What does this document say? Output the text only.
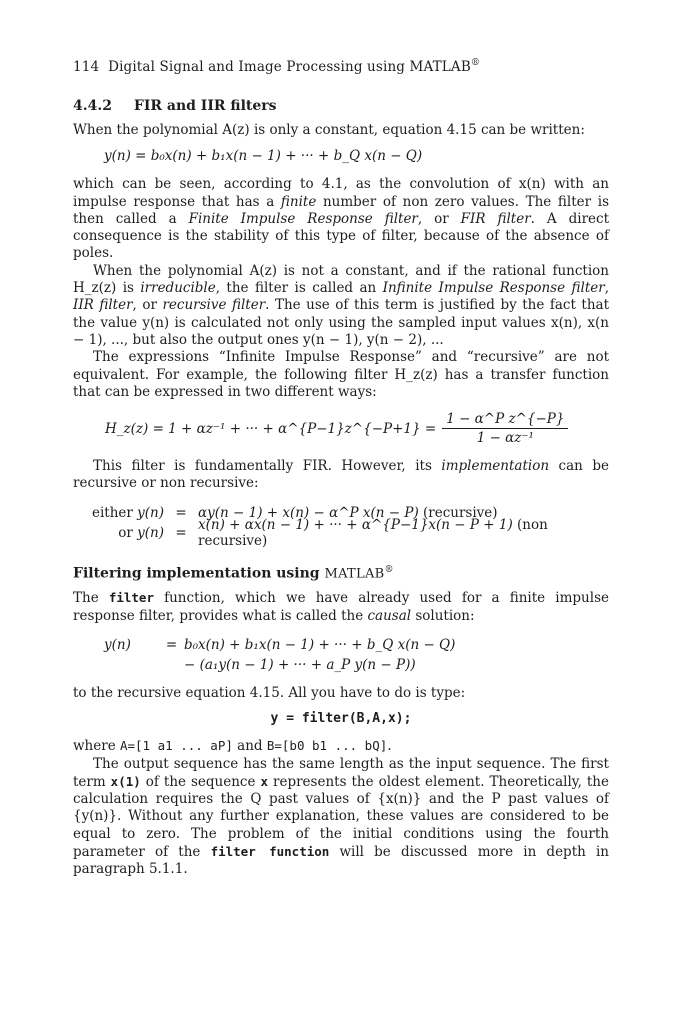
114 Digital Signal and Image Processing using MATLAB®
4.4.2 FIR and IIR filters

When the polynomial A(z) is only a constant, equation 4.15 can be written:

y(n) = b₀x(n) + b₁x(n − 1) + ··· + b_Q x(n − Q)

which can be seen, according to 4.1, as the convolution of x(n) with an impulse response that has a finite number of non zero values. The filter is then called a Finite Impulse Response filter, or FIR filter. A direct consequence is the stability of this type of filter, because of the absence of poles.

When the polynomial A(z) is not a constant, and if the rational function H_z(z) is irreducible, the filter is called an Infinite Impulse Response filter, IIR filter, or recursive filter. The use of this term is justified by the fact that the value y(n) is calculated not only using the sampled input values x(n), x(n − 1), ..., but also the output ones y(n − 1), y(n − 2), ...

The expressions “Infinite Impulse Response” and “recursive” are not equivalent. For example, the following filter H_z(z) has a transfer function that can be expressed in two different ways:

H_z(z) = 1 + αz⁻¹ + ··· + α^{P−1}z^{−P+1} = $\frac{\text{1 − α\textasciicircum{}P z\textasciicircum{}\{−P\}}}{\text{1 − αz⁻¹}}$

This filter is fundamentally FIR. However, its implementation can be recursive or non recursive:

either y(n) = αy(n − 1) + x(n) − α^P x(n − P) (recursive)
or y(n) = x(n) + αx(n − 1) + ··· + α^{P−1}x(n − P + 1) (non recursive)
Filtering implementation using MATLAB®

The filter function, which we have already used for a finite impulse response filter, provides what is called the causal solution:

y(n)	= b₀x(n) + b₁x(n − 1) + ··· + b_Q x(n − Q)
− (a₁y(n − 1) + ··· + a_P y(n − P))

to the recursive equation 4.15. All you have to do is type:

y = filter(B,A,x);

where A=[1 a1 ... aP] and B=[b0 b1 ... bQ].

The output sequence has the same length as the input sequence. The first term x(1) of the sequence x represents the oldest element. Theoretically, the calculation requires the Q past values of {x(n)} and the P past values of {y(n)}. Without any further explanation, these values are considered to be equal to zero. The problem of the initial conditions using the fourth parameter of the filter function will be discussed more in depth in paragraph 5.1.1.
